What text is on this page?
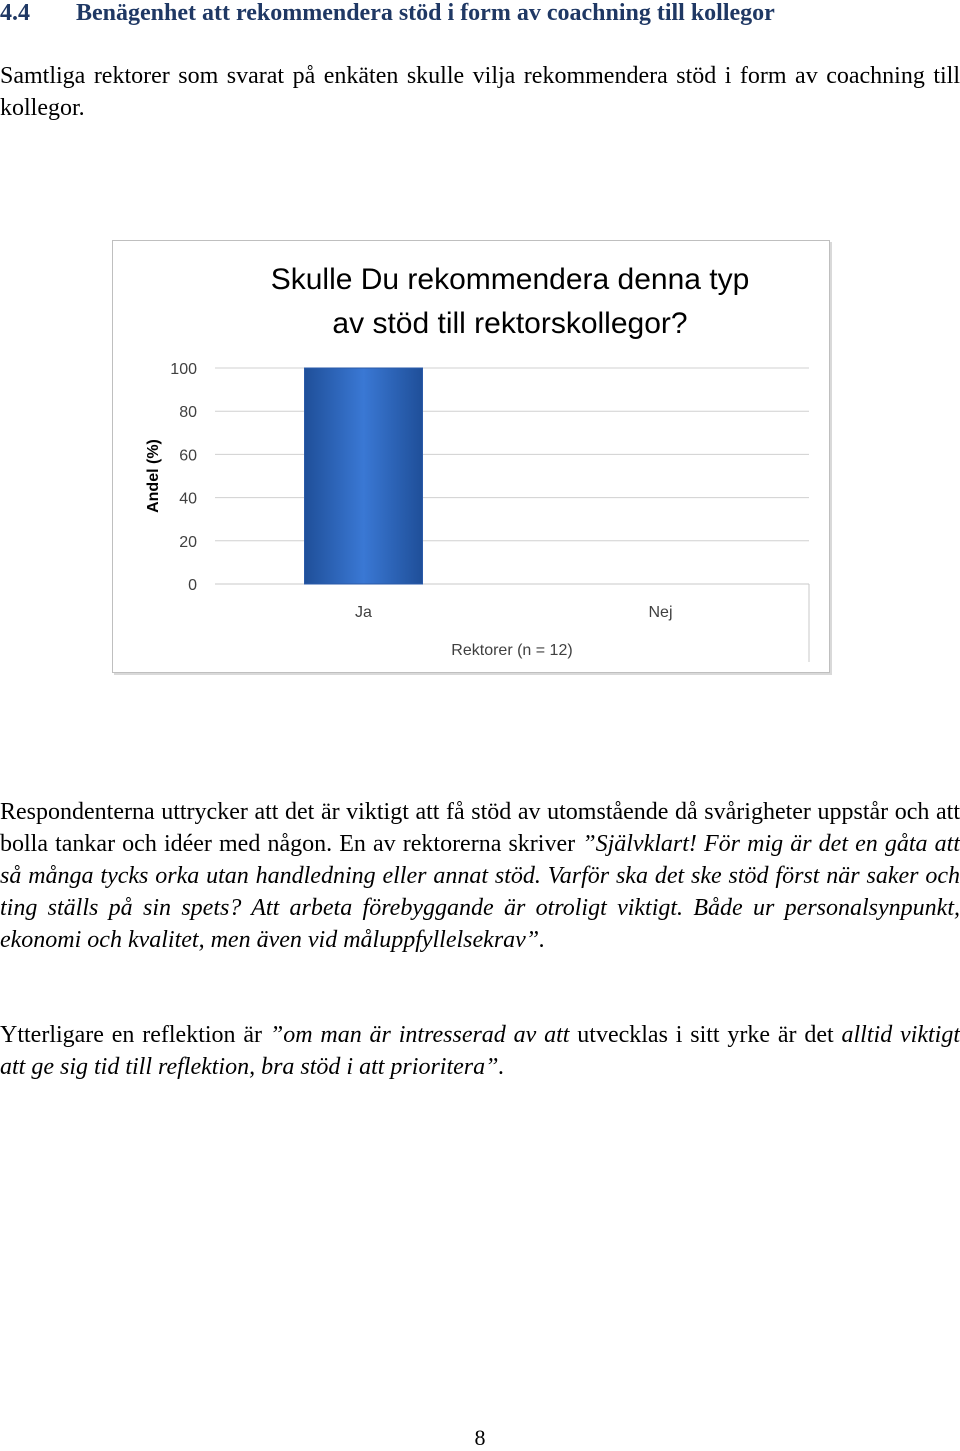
4.4 Benägenhet att rekommendera stöd i form av coachning till kollegor

Samtliga rektorer som svarat på enkäten skulle vilja rekommendera stöd i form av coachning till kollegor.

0
20
40
60
80
100
Ja	Nej
Skulle Du rekommendera denna typ
av stöd till rektorskollegor?
Andel (%)
Rektorer (n = 12)

Respondenterna uttrycker att det är viktigt att få stöd av utomstående då svårigheter uppstår och att bolla tankar och idéer med någon. En av rektorerna skriver ”Självklart! För mig är det en gåta att så många tycks orka utan handledning eller annat stöd. Varför ska det ske stöd först när saker och ting ställs på sin spets? Att arbeta förebyggande är otroligt viktigt. Både ur personalsynpunkt, ekonomi och kvalitet, men även vid måluppfyllelsekrav”.

Ytterligare en reflektion är ”om man är intresserad av att utvecklas i sitt yrke är det alltid viktigt att ge sig tid till reflektion, bra stöd i att prioritera”.

8
